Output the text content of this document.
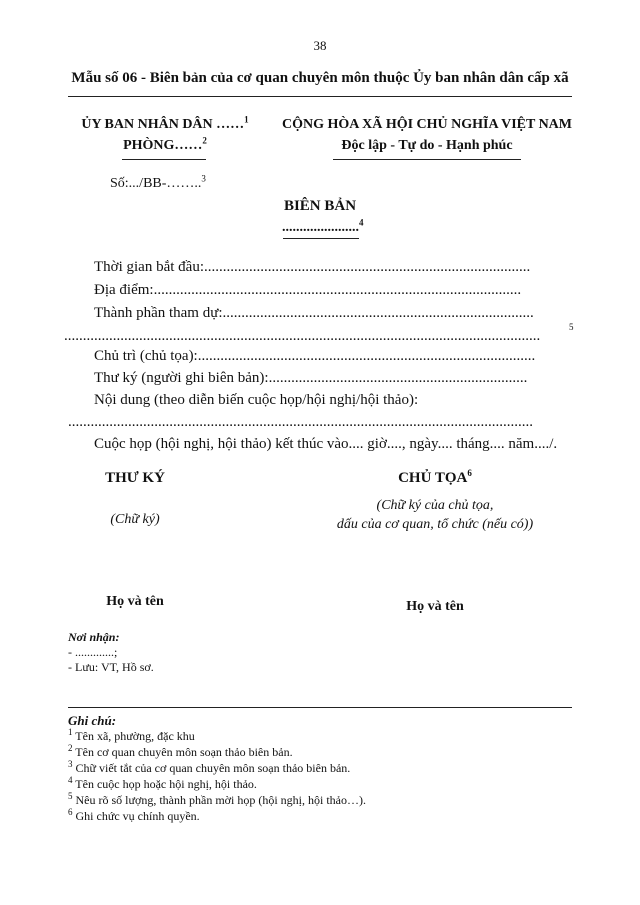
38
Mẫu số 06 - Biên bản của cơ quan chuyên môn thuộc Ủy ban nhân dân cấp xã
ỦY BAN NHÂN DÂN ……$^1$
PHÒNG……$^2$
CỘNG HÒA XÃ HỘI CHỦ NGHĨA VIỆT NAM
Độc lập - Tự do - Hạnh phúc
Số:.../BB-……..$^3$
BIÊN BẢN
......................$^4$
Thời gian bắt đầu:.......................................................................................
Địa điểm:..................................................................................................
Thành phần tham dự:...................................................................................
...............................................................................................................................
5
Chủ trì (chủ tọa):..........................................................................................
Thư ký (người ghi biên bản):.....................................................................
Nội dung (theo diễn biến cuộc họp/hội nghị/hội thảo):
............................................................................................................................
Cuộc họp (hội nghị, hội thảo) kết thúc vào.... giờ...., ngày.... tháng.... năm..../.
THƯ KÝ
(Chữ ký)
Họ và tên
CHỦ TỌA$^6$
(Chữ ký của chủ tọa,
dấu của cơ quan, tổ chức (nếu có))
Họ và tên
Nơi nhận:
- .............;
- Lưu: VT, Hồ sơ.
Ghi chú:
$^1$ Tên xã, phường, đặc khu
$^2$ Tên cơ quan chuyên môn soạn thảo biên bản.
$^3$ Chữ viết tắt của cơ quan chuyên môn soạn thảo biên bản.
$^4$ Tên cuộc họp hoặc hội nghị, hội thảo.
$^5$ Nêu rõ số lượng, thành phần mời họp (hội nghị, hội thảo…).
$^6$ Ghi chức vụ chính quyền.
